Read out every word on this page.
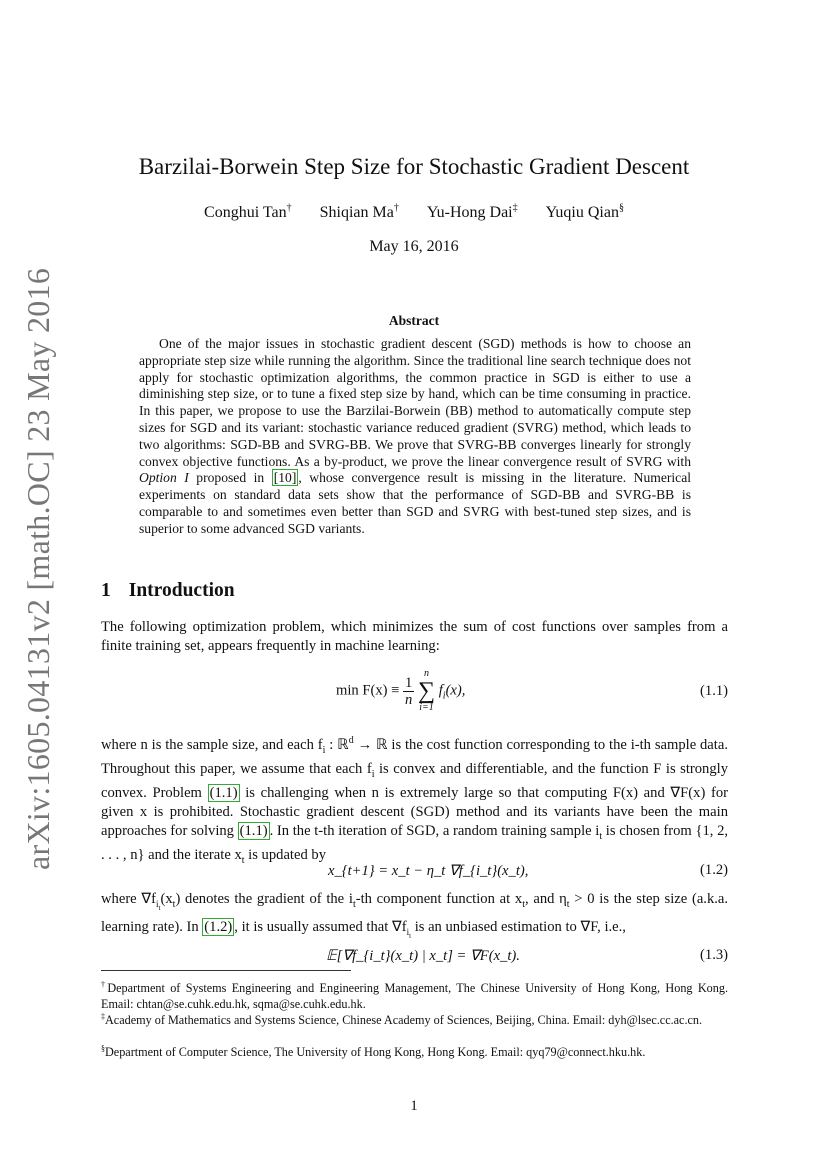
arXiv:1605.04131v2 [math.OC] 23 May 2016
Barzilai-Borwein Step Size for Stochastic Gradient Descent
Conghui Tan† Shiqian Ma† Yu-Hong Dai‡ Yuqiu Qian§
May 16, 2016
Abstract
One of the major issues in stochastic gradient descent (SGD) methods is how to choose an appropriate step size while running the algorithm. Since the traditional line search technique does not apply for stochastic optimization algorithms, the common practice in SGD is either to use a diminishing step size, or to tune a fixed step size by hand, which can be time consuming in practice. In this paper, we propose to use the Barzilai-Borwein (BB) method to automatically compute step sizes for SGD and its variant: stochastic variance reduced gradient (SVRG) method, which leads to two algorithms: SGD-BB and SVRG-BB. We prove that SVRG-BB converges linearly for strongly convex objective functions. As a by-product, we prove the linear convergence result of SVRG with Option I proposed in [10] , whose convergence result is missing in the literature. Numerical experiments on standard data sets show that the performance of SGD-BB and SVRG-BB is comparable to and sometimes even better than SGD and SVRG with best-tuned step sizes, and is superior to some advanced SGD variants.
1 Introduction
The following optimization problem, which minimizes the sum of cost functions over samples from a finite training set, appears frequently in machine learning:
$\min F(x) \equiv \frac{1}{n}$

n
∑
i=1
$f_i(x)$,	(1.1)
where n is the sample size, and each $f_i$ : ℝ$^d$ → ℝ is the cost function corresponding to the i-th sample data. Throughout this paper, we assume that each $f_i$ is convex and differentiable, and the function F is strongly convex. Problem (1.1) is challenging when n is extremely large so that computing F(x) and ∇F(x) for given x is prohibited. Stochastic gradient descent (SGD) method and its variants have been the main approaches for solving (1.1) . In the t-th iteration of SGD, a random training sample $i_t$ is chosen from {1, 2, . . . , n} and the iterate $x_t$ is updated by
x_{t+1} = x_t − η_t ∇f_{i_t}(x_t),	(1.2)
where $\nabla f_{i_t}(x_t)$ denotes the gradient of the $i_t-th$ component function at $x_t$, and $\eta_t > 0$ is the step size (a.k.a. learning rate). In (1.2) , it is usually assumed that $\nabla f_{i_t}$ is an unbiased estimation to ∇F, i.e.,
𝔼[∇f_{i_t}(x_t) | x_t] = ∇F(x_t).	(1.3)
†Department of Systems Engineering and Engineering Management, The Chinese University of Hong Kong, Hong Kong. Email: chtan@se.cuhk.edu.hk, sqma@se.cuhk.edu.hk.
‡Academy of Mathematics and Systems Science, Chinese Academy of Sciences, Beijing, China. Email: dyh@lsec.cc.ac.cn.
§Department of Computer Science, The University of Hong Kong, Hong Kong. Email: qyq79@connect.hku.hk.
1
